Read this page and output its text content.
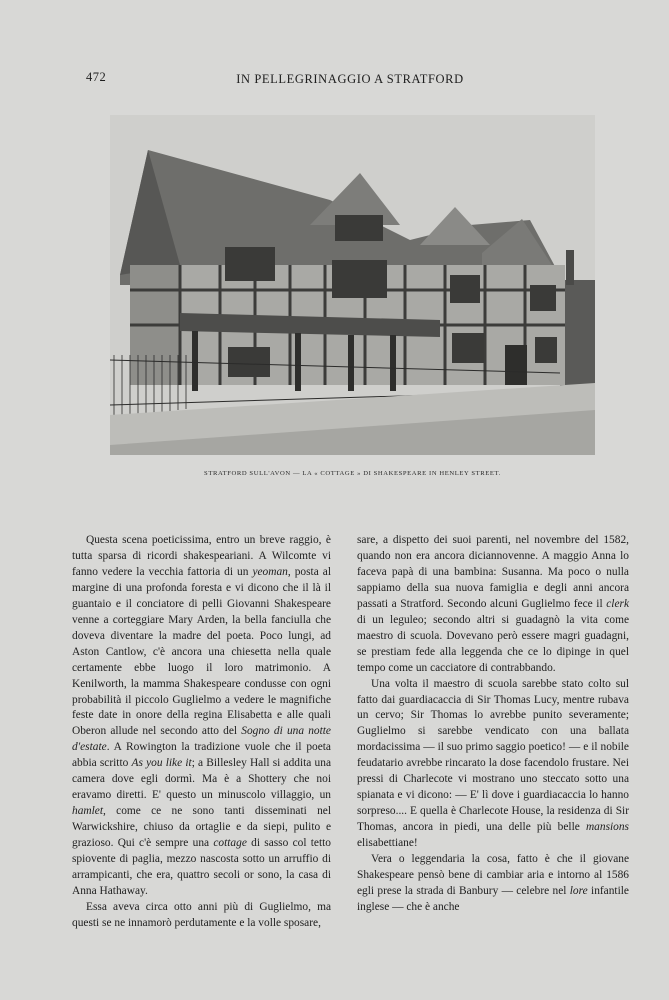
472	IN PELLEGRINAGGIO A STRATFORD
STRATFORD SULL'AVON — LA « COTTAGE » DI SHAKESPEARE IN HENLEY STREET.

Questa scena poeticissima, entro un breve raggio, è tutta sparsa di ricordi shakespeariani. A Wilcomte vi fanno vedere la vecchia fattoria di un yeoman, posta al margine di una profonda foresta e vi dicono che il là il guantaio e il conciatore di pelli Giovanni Shakespeare venne a corteggiare Mary Arden, la bella fanciulla che doveva diventare la madre del poeta. Poco lungi, ad Aston Cantlow, c'è ancora una chiesetta nella quale certamente ebbe luogo il loro matrimonio. A Kenilworth, la mamma Shakespeare condusse con ogni probabilità il piccolo Guglielmo a vedere le magnifiche feste date in onore della regina Elisabetta e alle quali Oberon allude nel secondo atto del Sogno di una notte d'estate. A Rowington la tradizione vuole che il poeta abbia scritto As you like it; a Billesley Hall si addita una camera dove egli dormì. Ma è a Shottery che noi eravamo diretti. E' questo un minuscolo villaggio, un hamlet, come ce ne sono tanti disseminati nel Warwickshire, chiuso da ortaglie e da siepi, pulito e grazioso. Qui c'è sempre una cottage di sasso col tetto spiovente di paglia, mezzo nascosta sotto un arruffio di arrampicanti, che era, quattro secoli or sono, la casa di Anna Hathaway.

Essa aveva circa otto anni più di Guglielmo, ma questi se ne innamorò perdutamente e la volle sposare,

sare, a dispetto dei suoi parenti, nel novembre del 1582, quando non era ancora diciannovenne. A maggio Anna lo faceva papà di una bambina: Susanna. Ma poco o nulla sappiamo della sua nuova famiglia e degli anni ancora passati a Stratford. Secondo alcuni Guglielmo fece il clerk di un leguleo; secondo altri si guadagnò la vita come maestro di scuola. Dovevano però essere magri guadagni, se prestiam fede alla leggenda che ce lo dipinge in quel tempo come un cacciatore di contrabbando.

Una volta il maestro di scuola sarebbe stato colto sul fatto dai guardiacaccia di Sir Thomas Lucy, mentre rubava un cervo; Sir Thomas lo avrebbe punito severamente; Guglielmo si sarebbe vendicato con una ballata mordacissima — il suo primo saggio poetico! — e il nobile feudatario avrebbe rincarato la dose facendolo frustare. Nei pressi di Charlecote vi mostrano uno steccato sotto una spianata e vi dicono: — E' lì dove i guardiacaccia lo hanno sorpreso.... E quella è Charlecote House, la residenza di Sir Thomas, ancora in piedi, una delle più belle mansions elisabettiane!

Vera o leggendaria la cosa, fatto è che il giovane Shakespeare pensò bene di cambiar aria e intorno al 1586 egli prese la strada di Banbury — celebre nel lore infantile inglese — che è anche
